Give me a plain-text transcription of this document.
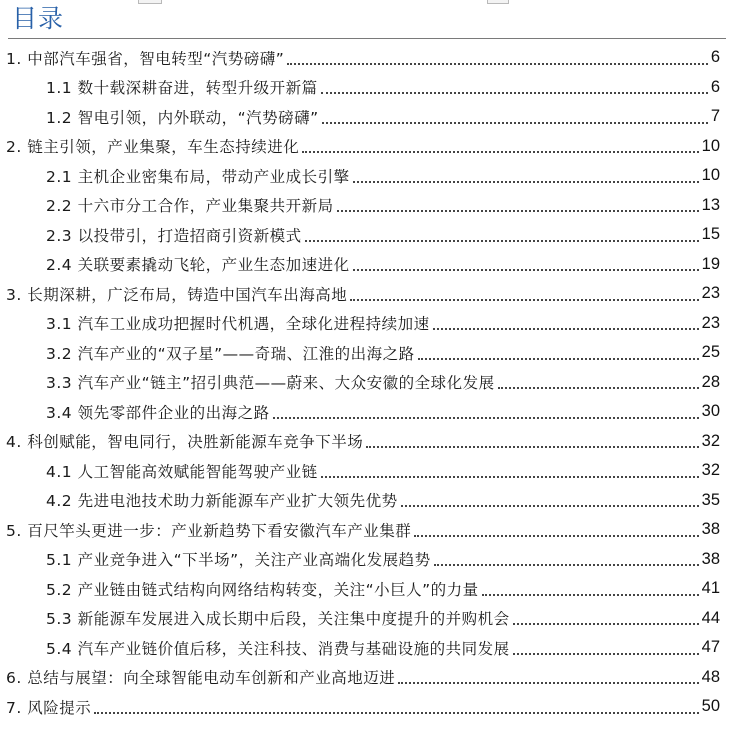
目录
1. 中部汽车强省，智电转型“汽势磅礴”	6
1.1 数十载深耕奋进，转型升级开新篇	6
1.2 智电引领，内外联动，“汽势磅礴”	7
2. 链主引领，产业集聚，车生态持续进化	10
2.1 主机企业密集布局，带动产业成长引擎	10
2.2 十六市分工合作，产业集聚共开新局	13
2.3 以投带引，打造招商引资新模式	15
2.4 关联要素撬动飞轮，产业生态加速进化	19
3. 长期深耕，广泛布局，铸造中国汽车出海高地	23
3.1 汽车工业成功把握时代机遇，全球化进程持续加速	23
3.2 汽车产业的“双子星”——奇瑞、江淮的出海之路	25
3.3 汽车产业“链主”招引典范——蔚来、大众安徽的全球化发展	28
3.4 领先零部件企业的出海之路	30
4. 科创赋能，智电同行，决胜新能源车竞争下半场	32
4.1 人工智能高效赋能智能驾驶产业链	32
4.2 先进电池技术助力新能源车产业扩大领先优势	35
5. 百尺竿头更进一步：产业新趋势下看安徽汽车产业集群	38
5.1 产业竞争进入“下半场”，关注产业高端化发展趋势	38
5.2 产业链由链式结构向网络结构转变，关注“小巨人”的力量	41
5.3 新能源车发展进入成长期中后段，关注集中度提升的并购机会	44
5.4 汽车产业链价值后移，关注科技、消费与基础设施的共同发展	47
6. 总结与展望：向全球智能电动车创新和产业高地迈进	48
7. 风险提示	50
